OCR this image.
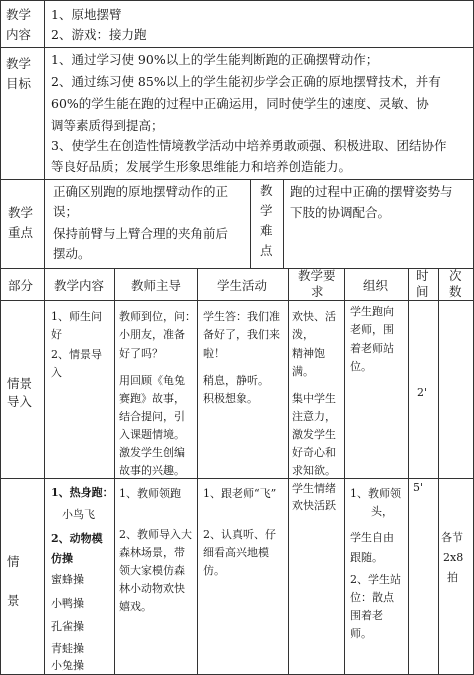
教学
内容
1、原地摆臂
2、游戏：接力跑
教学
目标
1、通过学习使 90%以上的学生能判断跑的正确摆臂动作；
2、通过练习使 85%以上的学生能初步学会正确的原地摆臂技术，并有
60%的学生能在跑的过程中正确运用，同时使学生的速度、灵敏、协
调等素质得到提高；
3、使学生在创造性情境教学活动中培养勇敢顽强、积极进取、团结协作
等良好品质；发展学生形象思维能力和培养创造能力。
教学
重点
正确区别跑的原地摆臂动作的正
误；
保持前臂与上臂合理的夹角前后
摆动。
教
学
难
点
跑的过程中正确的摆臂姿势与
下肢的协调配合。
部分 教学内容 教师主导	学生活动
教学要
求	组织
时
间
次
数
情景
导入
1、师生问
好
2、情景导
入
教师到位，问：
小朋友，准备
好了吗？
用回顾《龟兔
赛跑》故事，
结合提问，引
入课题情境。
激发学生创编
故事的兴趣。
学生答：我们准
备好了，我们来
啦！
稍息，静听。
积极想象。
欢快、活
泼，
精神饱
满。
集中学生
注意力，
激发学生
好奇心和
求知欲。
学生跑向
老师，围
着老师站
位。
2'
情
景
1、热身跑：
小鸟飞
2、动物模
仿操
蜜蜂操
小鸭操
孔雀操
青蛙操
小兔操
1、教师领跑
2、教师导入大
森林场景，带
领大家模仿森
林小动物欢快
嬉戏。
1、跟老师“飞”
2、认真听、仔
细看高兴地模
仿。
学生情绪
欢快活跃
1、教师领
头，
学生自由
跟随。
2、学生站
位：散点
围着老
师。
5'
各节
2x8
拍
